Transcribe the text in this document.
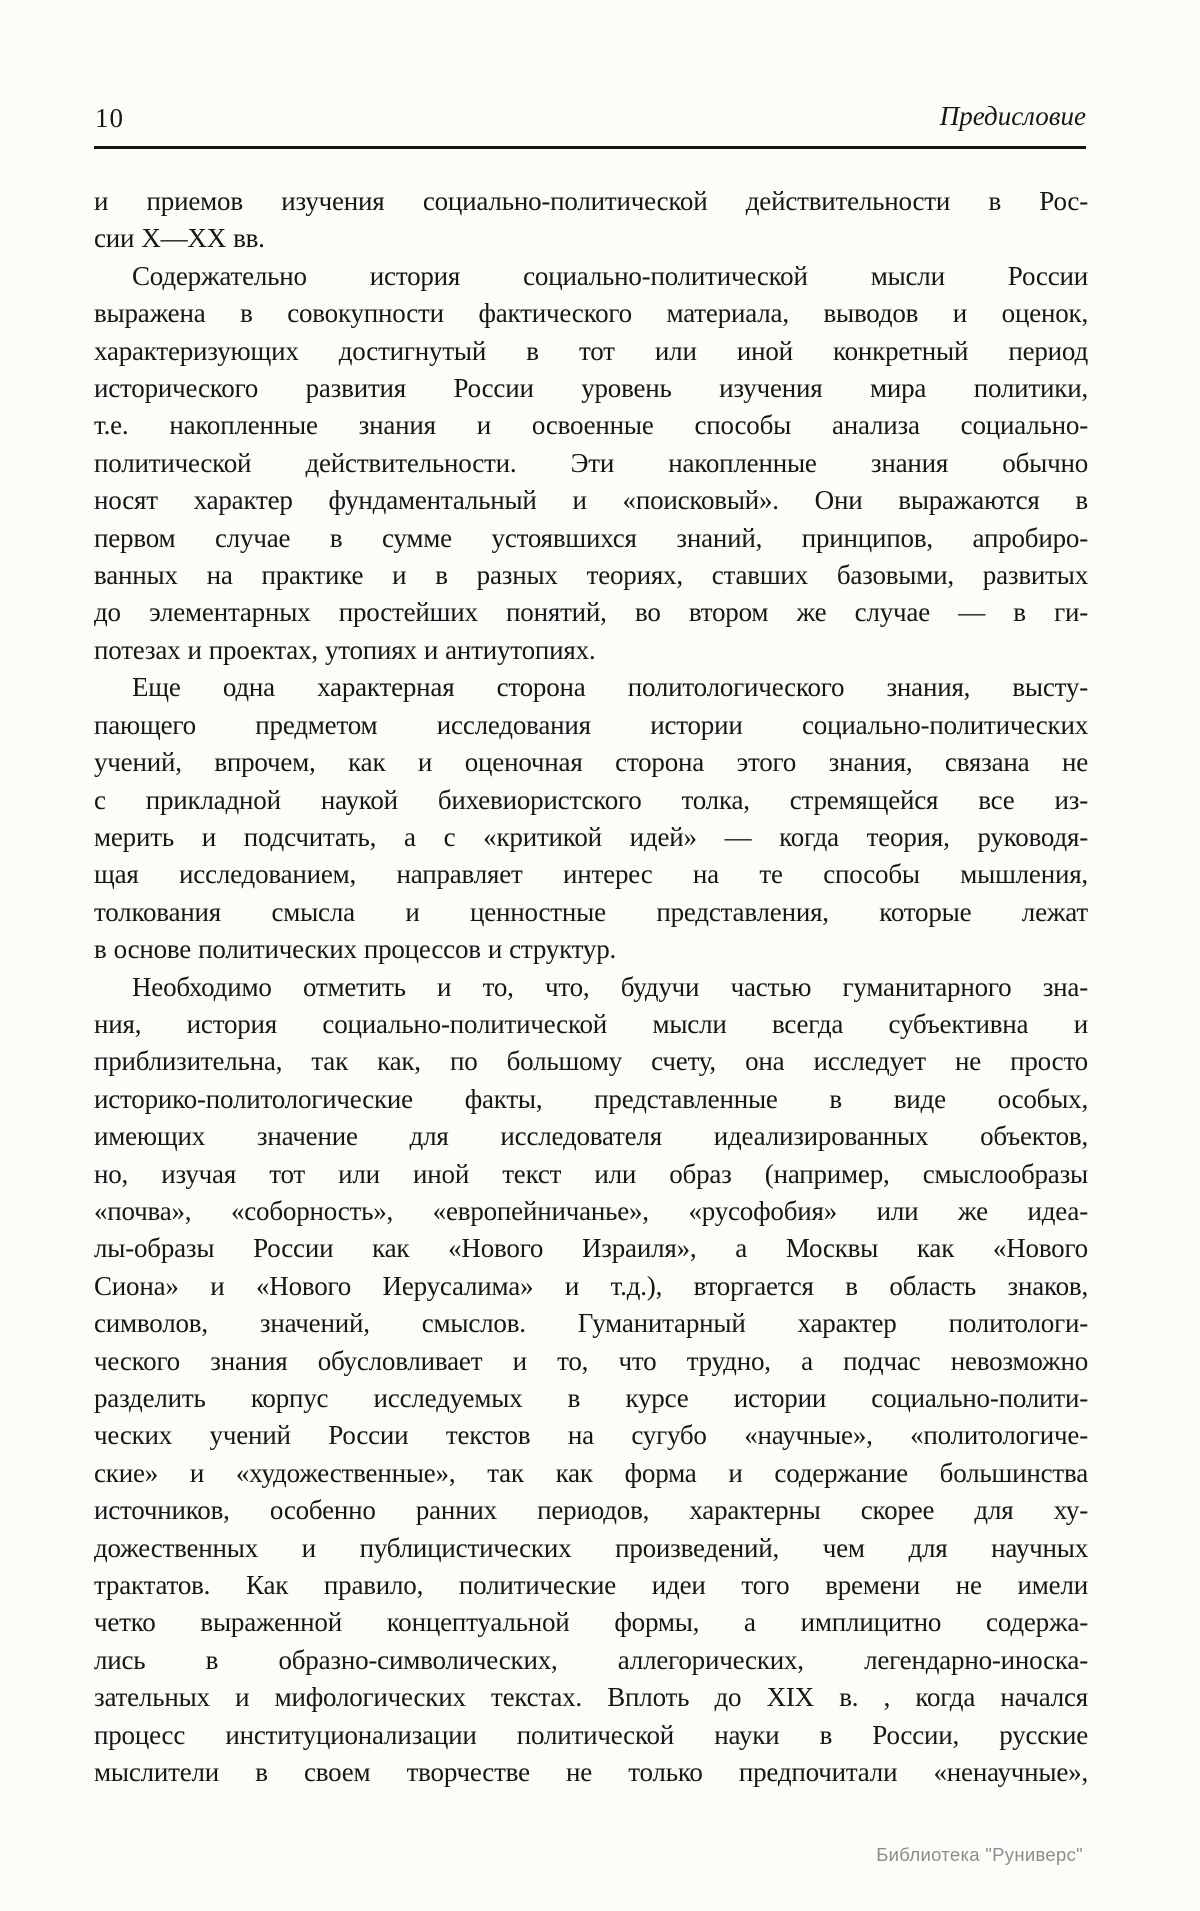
10	Предисловие
и приемов изучения социально-политической действительности в Рос-
сии X—XX вв.
Содержательно история социально-политической мысли России
выражена в совокупности фактического материала, выводов и оценок,
характеризующих достигнутый в тот или иной конкретный период
исторического развития России уровень изучения мира политики,
т.е. накопленные знания и освоенные способы анализа социально-
политической действительности. Эти накопленные знания обычно
носят характер фундаментальный и «поисковый». Они выражаются в
первом случае в сумме устоявшихся знаний, принципов, апробиро-
ванных на практике и в разных теориях, ставших базовыми, развитых
до элементарных простейших понятий, во втором же случае — в ги-
потезах и проектах, утопиях и антиутопиях.
Еще одна характерная сторона политологического знания, высту-
пающего предметом исследования истории социально-политических
учений, впрочем, как и оценочная сторона этого знания, связана не
с прикладной наукой бихевиористского толка, стремящейся все из-
мерить и подсчитать, а с «критикой идей» — когда теория, руководя-
щая исследованием, направляет интерес на те способы мышления,
толкования смысла и ценностные представления, которые лежат
в основе политических процессов и структур.
Необходимо отметить и то, что, будучи частью гуманитарного зна-
ния, история социально-политической мысли всегда субъективна и
приблизительна, так как, по большому счету, она исследует не просто
историко-политологические факты, представленные в виде особых,
имеющих значение для исследователя идеализированных объектов,
но, изучая тот или иной текст или образ (например, смыслообразы
«почва», «соборность», «европейничанье», «русофобия» или же идеа-
лы-образы России как «Нового Израиля», а Москвы как «Нового
Сиона» и «Нового Иерусалима» и т.д.), вторгается в область знаков,
символов, значений, смыслов. Гуманитарный характер политологи-
ческого знания обусловливает и то, что трудно, а подчас невозможно
разделить корпус исследуемых в курсе истории социально-полити-
ческих учений России текстов на сугубо «научные», «политологиче-
ские» и «художественные», так как форма и содержание большинства
источников, особенно ранних периодов, характерны скорее для ху-
дожественных и публицистических произведений, чем для научных
трактатов. Как правило, политические идеи того времени не имели
четко выраженной концептуальной формы, а имплицитно содержа-
лись в образно-символических, аллегорических, легендарно-иноска-
зательных и мифологических текстах. Вплоть до XIX в. , когда начался
процесс институционализации политической науки в России, русские
мыслители в своем творчестве не только предпочитали «ненаучные»,
Библиотека "Руниверс"
